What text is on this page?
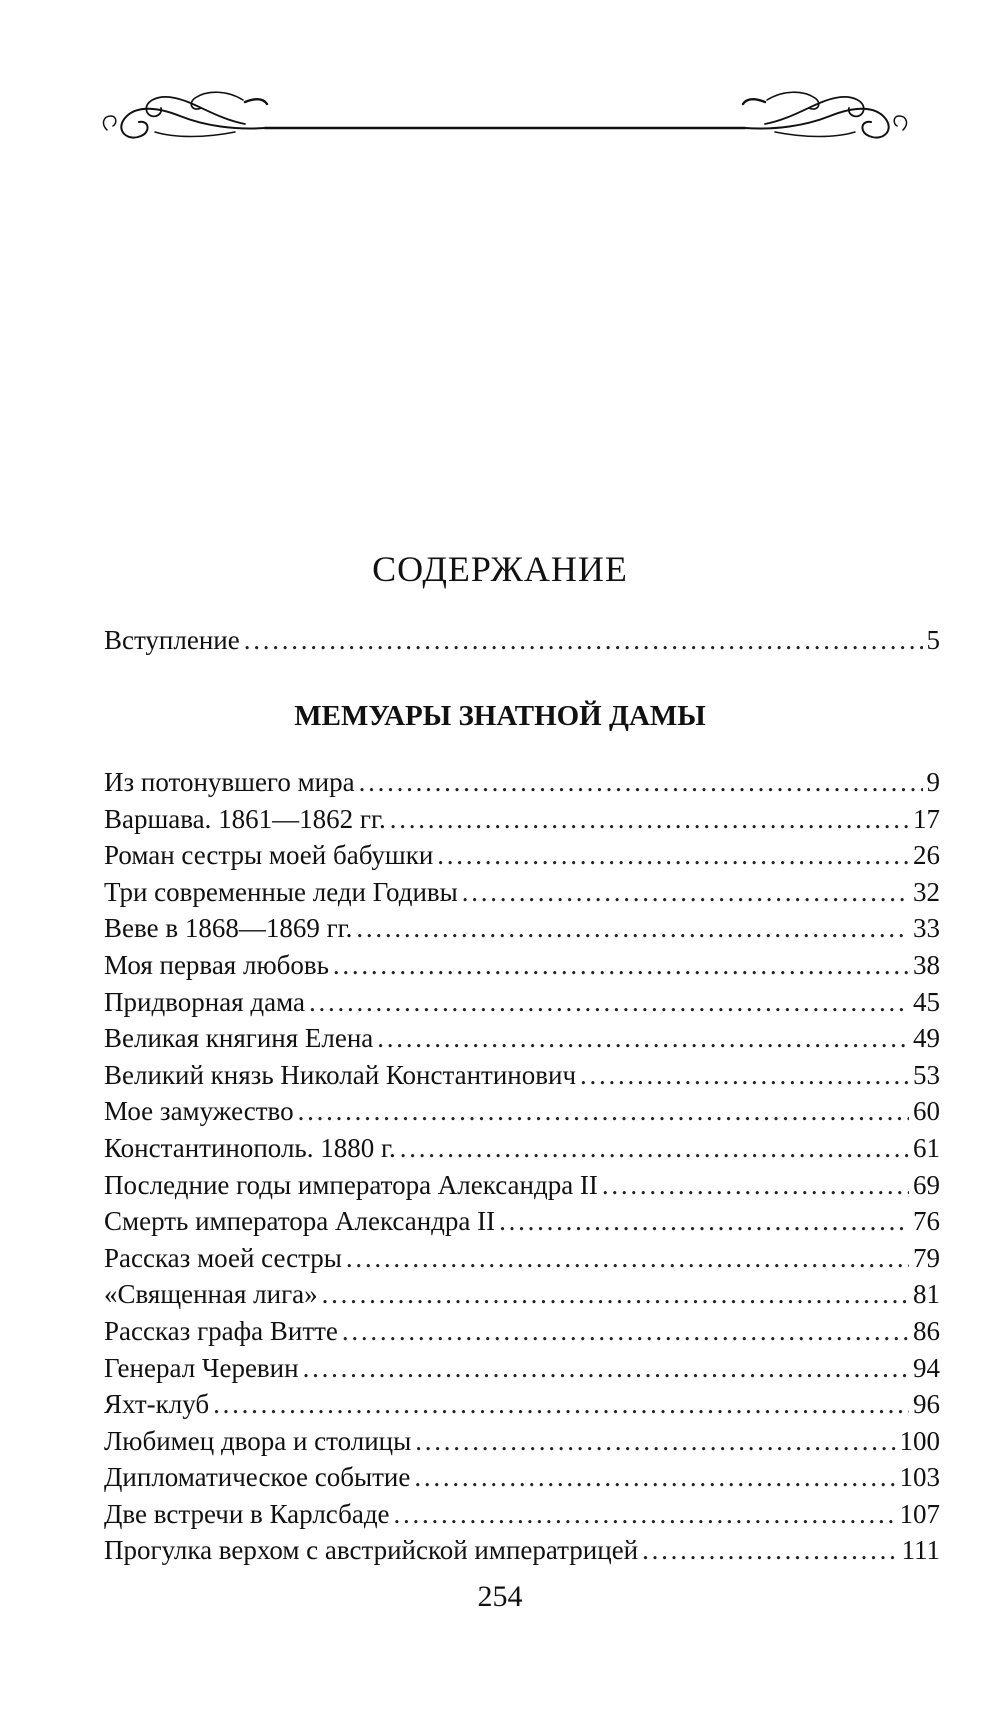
СОДЕРЖАНИЕ
Вступление . . .	5
МЕМУАРЫ ЗНАТНОЙ ДАМЫ
Из потонувшего мира . . .	9
Варшава. 1861—1862 гг. . . .	17
Роман сестры моей бабушки . . .	26
Три современные леди Годивы . . .	32
Веве в 1868—1869 гг. . . .	33
Моя первая любовь . . .	38
Придворная дама . . .	45
Великая княгиня Елена . . .	49
Великий князь Николай Константинович . . .	53
Мое замужество . . .	60
Константинополь. 1880 г. . . .	61
Последние годы императора Александра II . . .	69
Смерть императора Александра II . . .	76
Рассказ моей сестры . . .	79
«Священная лига» . . .	81
Рассказ графа Витте . . .	86
Генерал Черевин . . .	94
Яхт-клуб . . .	96
Любимец двора и столицы . . .	100
Дипломатическое событие . . .	103
Две встречи в Карлсбаде . . .	107
Прогулка верхом с австрийской императрицей . . .	111
254
